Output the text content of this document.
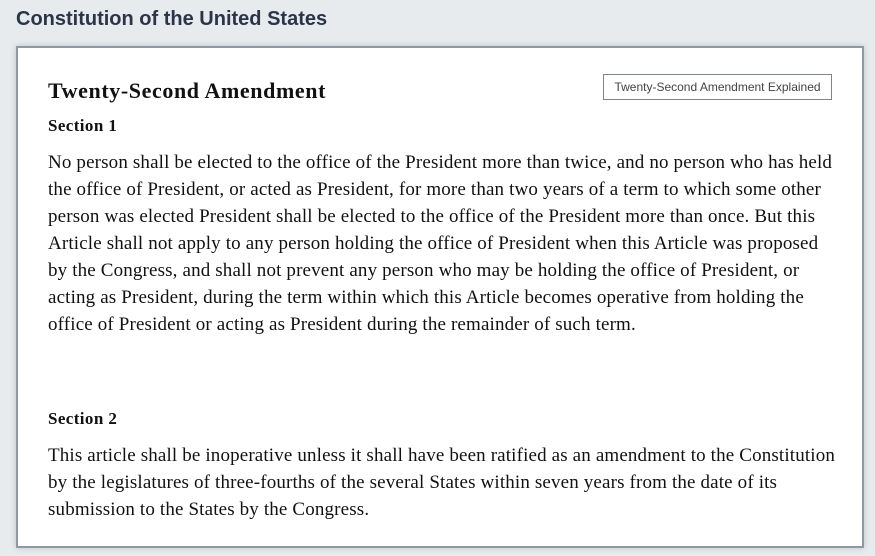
Constitution of the United States
Twenty-Second Amendment	Twenty-Second Amendment Explained
Section 1

No person shall be elected to the office of the President more than twice, and no person who has held the office of President, or acted as President, for more than two years of a term to which some other person was elected President shall be elected to the office of the President more than once. But this Article shall not apply to any person holding the office of President when this Article was proposed by the Congress, and shall not prevent any person who may be holding the office of President, or acting as President, during the term within which this Article becomes operative from holding the office of President or acting as President during the remainder of such term.

Section 2

This article shall be inoperative unless it shall have been ratified as an amendment to the Constitution by the legislatures of three-fourths of the several States within seven years from the date of its submission to the States by the Congress.
